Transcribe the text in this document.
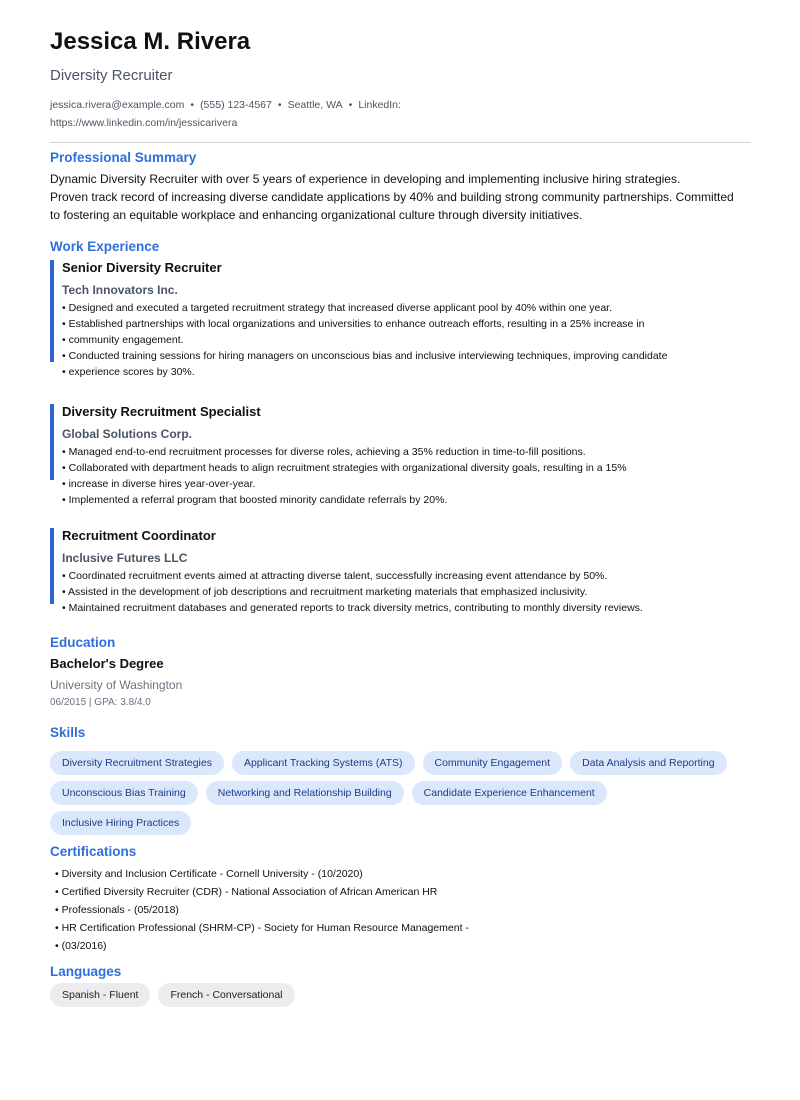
Jessica M. Rivera
Diversity Recruiter
jessica.rivera@example.com • (555) 123-4567 • Seattle, WA • LinkedIn:
https://www.linkedin.com/in/jessicarivera
Professional Summary
Dynamic Diversity Recruiter with over 5 years of experience in developing and implementing inclusive hiring strategies.
Proven track record of increasing diverse candidate applications by 40% and building strong community partnerships. Committed
to fostering an equitable workplace and enhancing organizational culture through diversity initiatives.
Work Experience
Senior Diversity Recruiter
Tech Innovators Inc.
• Designed and executed a targeted recruitment strategy that increased diverse applicant pool by 40% within one year.
• Established partnerships with local organizations and universities to enhance outreach efforts, resulting in a 25% increase in
• community engagement.
• Conducted training sessions for hiring managers on unconscious bias and inclusive interviewing techniques, improving candidate
• experience scores by 30%.
Diversity Recruitment Specialist
Global Solutions Corp.
• Managed end-to-end recruitment processes for diverse roles, achieving a 35% reduction in time-to-fill positions.
• Collaborated with department heads to align recruitment strategies with organizational diversity goals, resulting in a 15%
• increase in diverse hires year-over-year.
• Implemented a referral program that boosted minority candidate referrals by 20%.
Recruitment Coordinator
Inclusive Futures LLC
• Coordinated recruitment events aimed at attracting diverse talent, successfully increasing event attendance by 50%.
• Assisted in the development of job descriptions and recruitment marketing materials that emphasized inclusivity.
• Maintained recruitment databases and generated reports to track diversity metrics, contributing to monthly diversity reviews.
Education
Bachelor's Degree
University of Washington
06/2015 | GPA: 3.8/4.0
Skills
Diversity Recruitment Strategies	Applicant Tracking Systems (ATS)	Community Engagement	Data Analysis and Reporting
Unconscious Bias Training	Networking and Relationship Building	Candidate Experience Enhancement
Inclusive Hiring Practices
Certifications
• Diversity and Inclusion Certificate - Cornell University - (10/2020)
• Certified Diversity Recruiter (CDR) - National Association of African American HR
• Professionals - (05/2018)
• HR Certification Professional (SHRM-CP) - Society for Human Resource Management -
• (03/2016)
Languages
Spanish - Fluent	French - Conversational
